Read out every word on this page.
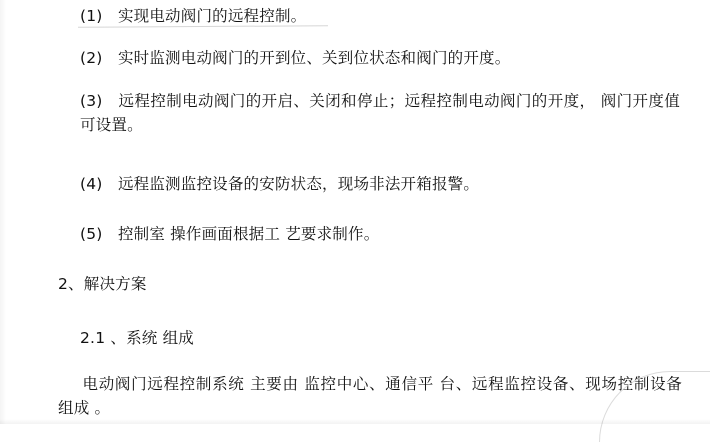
(1) 实现电动阀门的远程控制。

(2) 实时监测电动阀门的开到位、关到位状态和阀门的开度。

(3) 远程控制电动阀门的开启、关闭和停止；远程控制电动阀门的开度， 阀门开度值可设置。

(4) 远程监测监控设备的安防状态，现场非法开箱报警。

(5) 控制室 操作画面根据工 艺要求制作。

2、解决方案

2.1 、系统 组成

电动阀门远程控制系统 主要由 监控中心、通信平 台、远程监控设备、现场控制设备 组成 。
